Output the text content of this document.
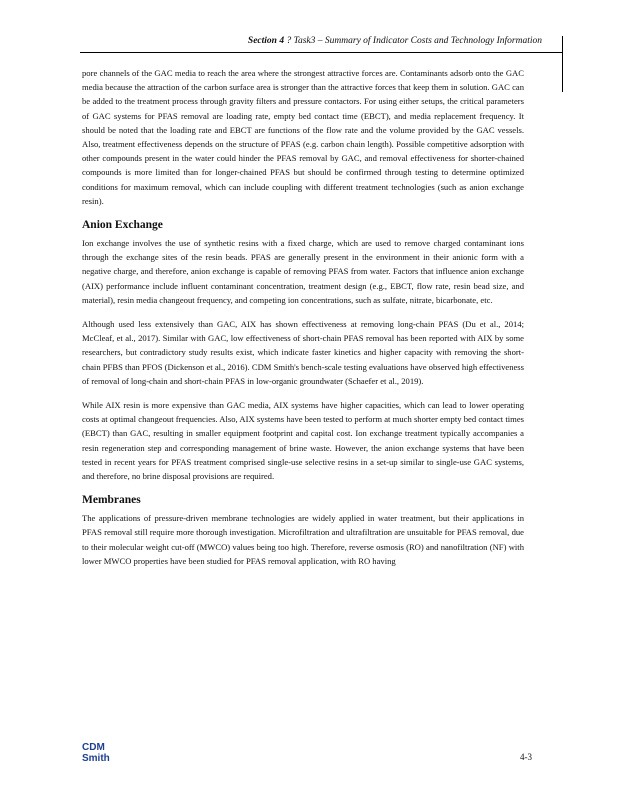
Section 4 ? Task3 – Summary of Indicator Costs and Technology Information

pore channels of the GAC media to reach the area where the strongest attractive forces are. Contaminants adsorb onto the GAC media because the attraction of the carbon surface area is stronger than the attractive forces that keep them in solution. GAC can be added to the treatment process through gravity filters and pressure contactors. For using either setups, the critical parameters of GAC systems for PFAS removal are loading rate, empty bed contact time (EBCT), and media replacement frequency. It should be noted that the loading rate and EBCT are functions of the flow rate and the volume provided by the GAC vessels. Also, treatment effectiveness depends on the structure of PFAS (e.g. carbon chain length). Possible competitive adsorption with other compounds present in the water could hinder the PFAS removal by GAC, and removal effectiveness for shorter-chained compounds is more limited than for longer-chained PFAS but should be confirmed through testing to determine optimized conditions for maximum removal, which can include coupling with different treatment technologies (such as anion exchange resin).

Anion Exchange

Ion exchange involves the use of synthetic resins with a fixed charge, which are used to remove charged contaminant ions through the exchange sites of the resin beads. PFAS are generally present in the environment in their anionic form with a negative charge, and therefore, anion exchange is capable of removing PFAS from water. Factors that influence anion exchange (AIX) performance include influent contaminant concentration, treatment design (e.g., EBCT, flow rate, resin bead size, and material), resin media changeout frequency, and competing ion concentrations, such as sulfate, nitrate, bicarbonate, etc.

Although used less extensively than GAC, AIX has shown effectiveness at removing long-chain PFAS (Du et al., 2014; McCleaf, et al., 2017). Similar with GAC, low effectiveness of short-chain PFAS removal has been reported with AIX by some researchers, but contradictory study results exist, which indicate faster kinetics and higher capacity with removing the short-chain PFBS than PFOS (Dickenson et al., 2016). CDM Smith's bench-scale testing evaluations have observed high effectiveness of removal of long-chain and short-chain PFAS in low-organic groundwater (Schaefer et al., 2019).

While AIX resin is more expensive than GAC media, AIX systems have higher capacities, which can lead to lower operating costs at optimal changeout frequencies. Also, AIX systems have been tested to perform at much shorter empty bed contact times (EBCT) than GAC, resulting in smaller equipment footprint and capital cost. Ion exchange treatment typically accompanies a resin regeneration step and corresponding management of brine waste. However, the anion exchange systems that have been tested in recent years for PFAS treatment comprised single-use selective resins in a set-up similar to single-use GAC systems, and therefore, no brine disposal provisions are required.

Membranes

The applications of pressure-driven membrane technologies are widely applied in water treatment, but their applications in PFAS removal still require more thorough investigation. Microfiltration and ultrafiltration are unsuitable for PFAS removal, due to their molecular weight cut-off (MWCO) values being too high. Therefore, reverse osmosis (RO) and nanofiltration (NF) with lower MWCO properties have been studied for PFAS removal application, with RO having

CDM
Smith	4-3
